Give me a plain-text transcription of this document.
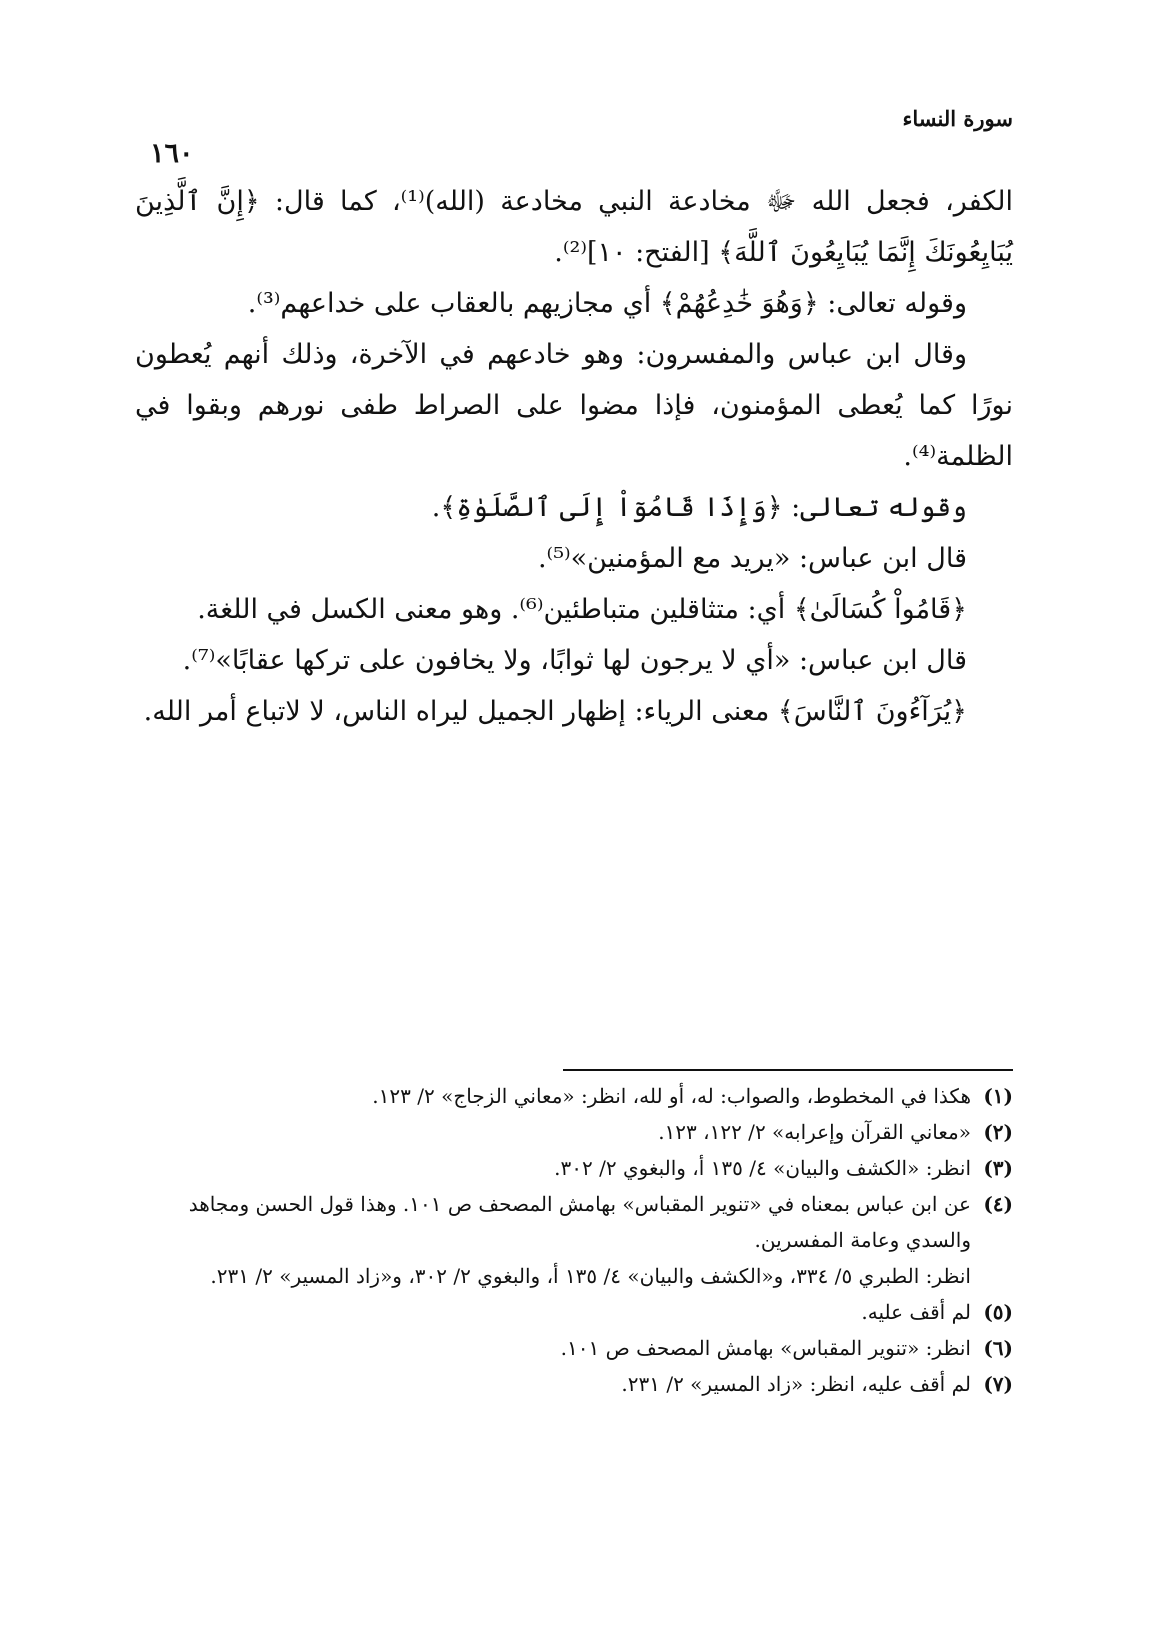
سورة النساء
١٦٠

الكفر، فجعل الله ﷻ مخادعة النبي مخادعة (الله)⁽¹⁾، كما قال: ﴿إِنَّ ٱلَّذِينَ يُبَايِعُونَكَ إِنَّمَا يُبَايِعُونَ ٱللَّهَ﴾ [الفتح: ١٠]⁽²⁾.

وقوله تعالى: ﴿وَهُوَ خَٰدِعُهُمْ﴾ أي مجازيهم بالعقاب على خداعهم⁽³⁾.

وقال ابن عباس والمفسرون: وهو خادعهم في الآخرة، وذلك أنهم يُعطون نورًا كما يُعطى المؤمنون، فإذا مضوا على الصراط طفى نورهم وبقوا في الظلمة⁽⁴⁾.

وقوله تعالى: ﴿وَإِذَا قَامُوٓاْ إِلَى ٱلصَّلَوٰةِ﴾.

قال ابن عباس: «يريد مع المؤمنين»⁽⁵⁾.

﴿قَامُواْ كُسَالَىٰ﴾ أي: متثاقلين متباطئين⁽⁶⁾. وهو معنى الكسل في اللغة.

قال ابن عباس: «أي لا يرجون لها ثوابًا، ولا يخافون على تركها عقابًا»⁽⁷⁾.

﴿يُرَآءُونَ ٱلنَّاسَ﴾ معنى الرياء: إظهار الجميل ليراه الناس، لا لاتباع أمر الله.

(١)
هكذا في المخطوط، والصواب: له، أو لله، انظر: «معاني الزجاج» ٢/ ١٢٣.
(٢)
«معاني القرآن وإعرابه» ٢/ ١٢٢، ١٢٣.
(٣)
انظر: «الكشف والبيان» ٤/ ١٣٥ أ، والبغوي ٢/ ٣٠٢.
(٤)
عن ابن عباس بمعناه في «تنوير المقباس» بهامش المصحف ص ١٠١. وهذا قول الحسن ومجاهد والسدي وعامة المفسرين.
انظر: الطبري ٥/ ٣٣٤، و«الكشف والبيان» ٤/ ١٣٥ أ، والبغوي ٢/ ٣٠٢، و«زاد المسير» ٢/ ٢٣١.
(٥)
لم أقف عليه.
(٦)
انظر: «تنوير المقباس» بهامش المصحف ص ١٠١.
(٧)
لم أقف عليه، انظر: «زاد المسير» ٢/ ٢٣١.
